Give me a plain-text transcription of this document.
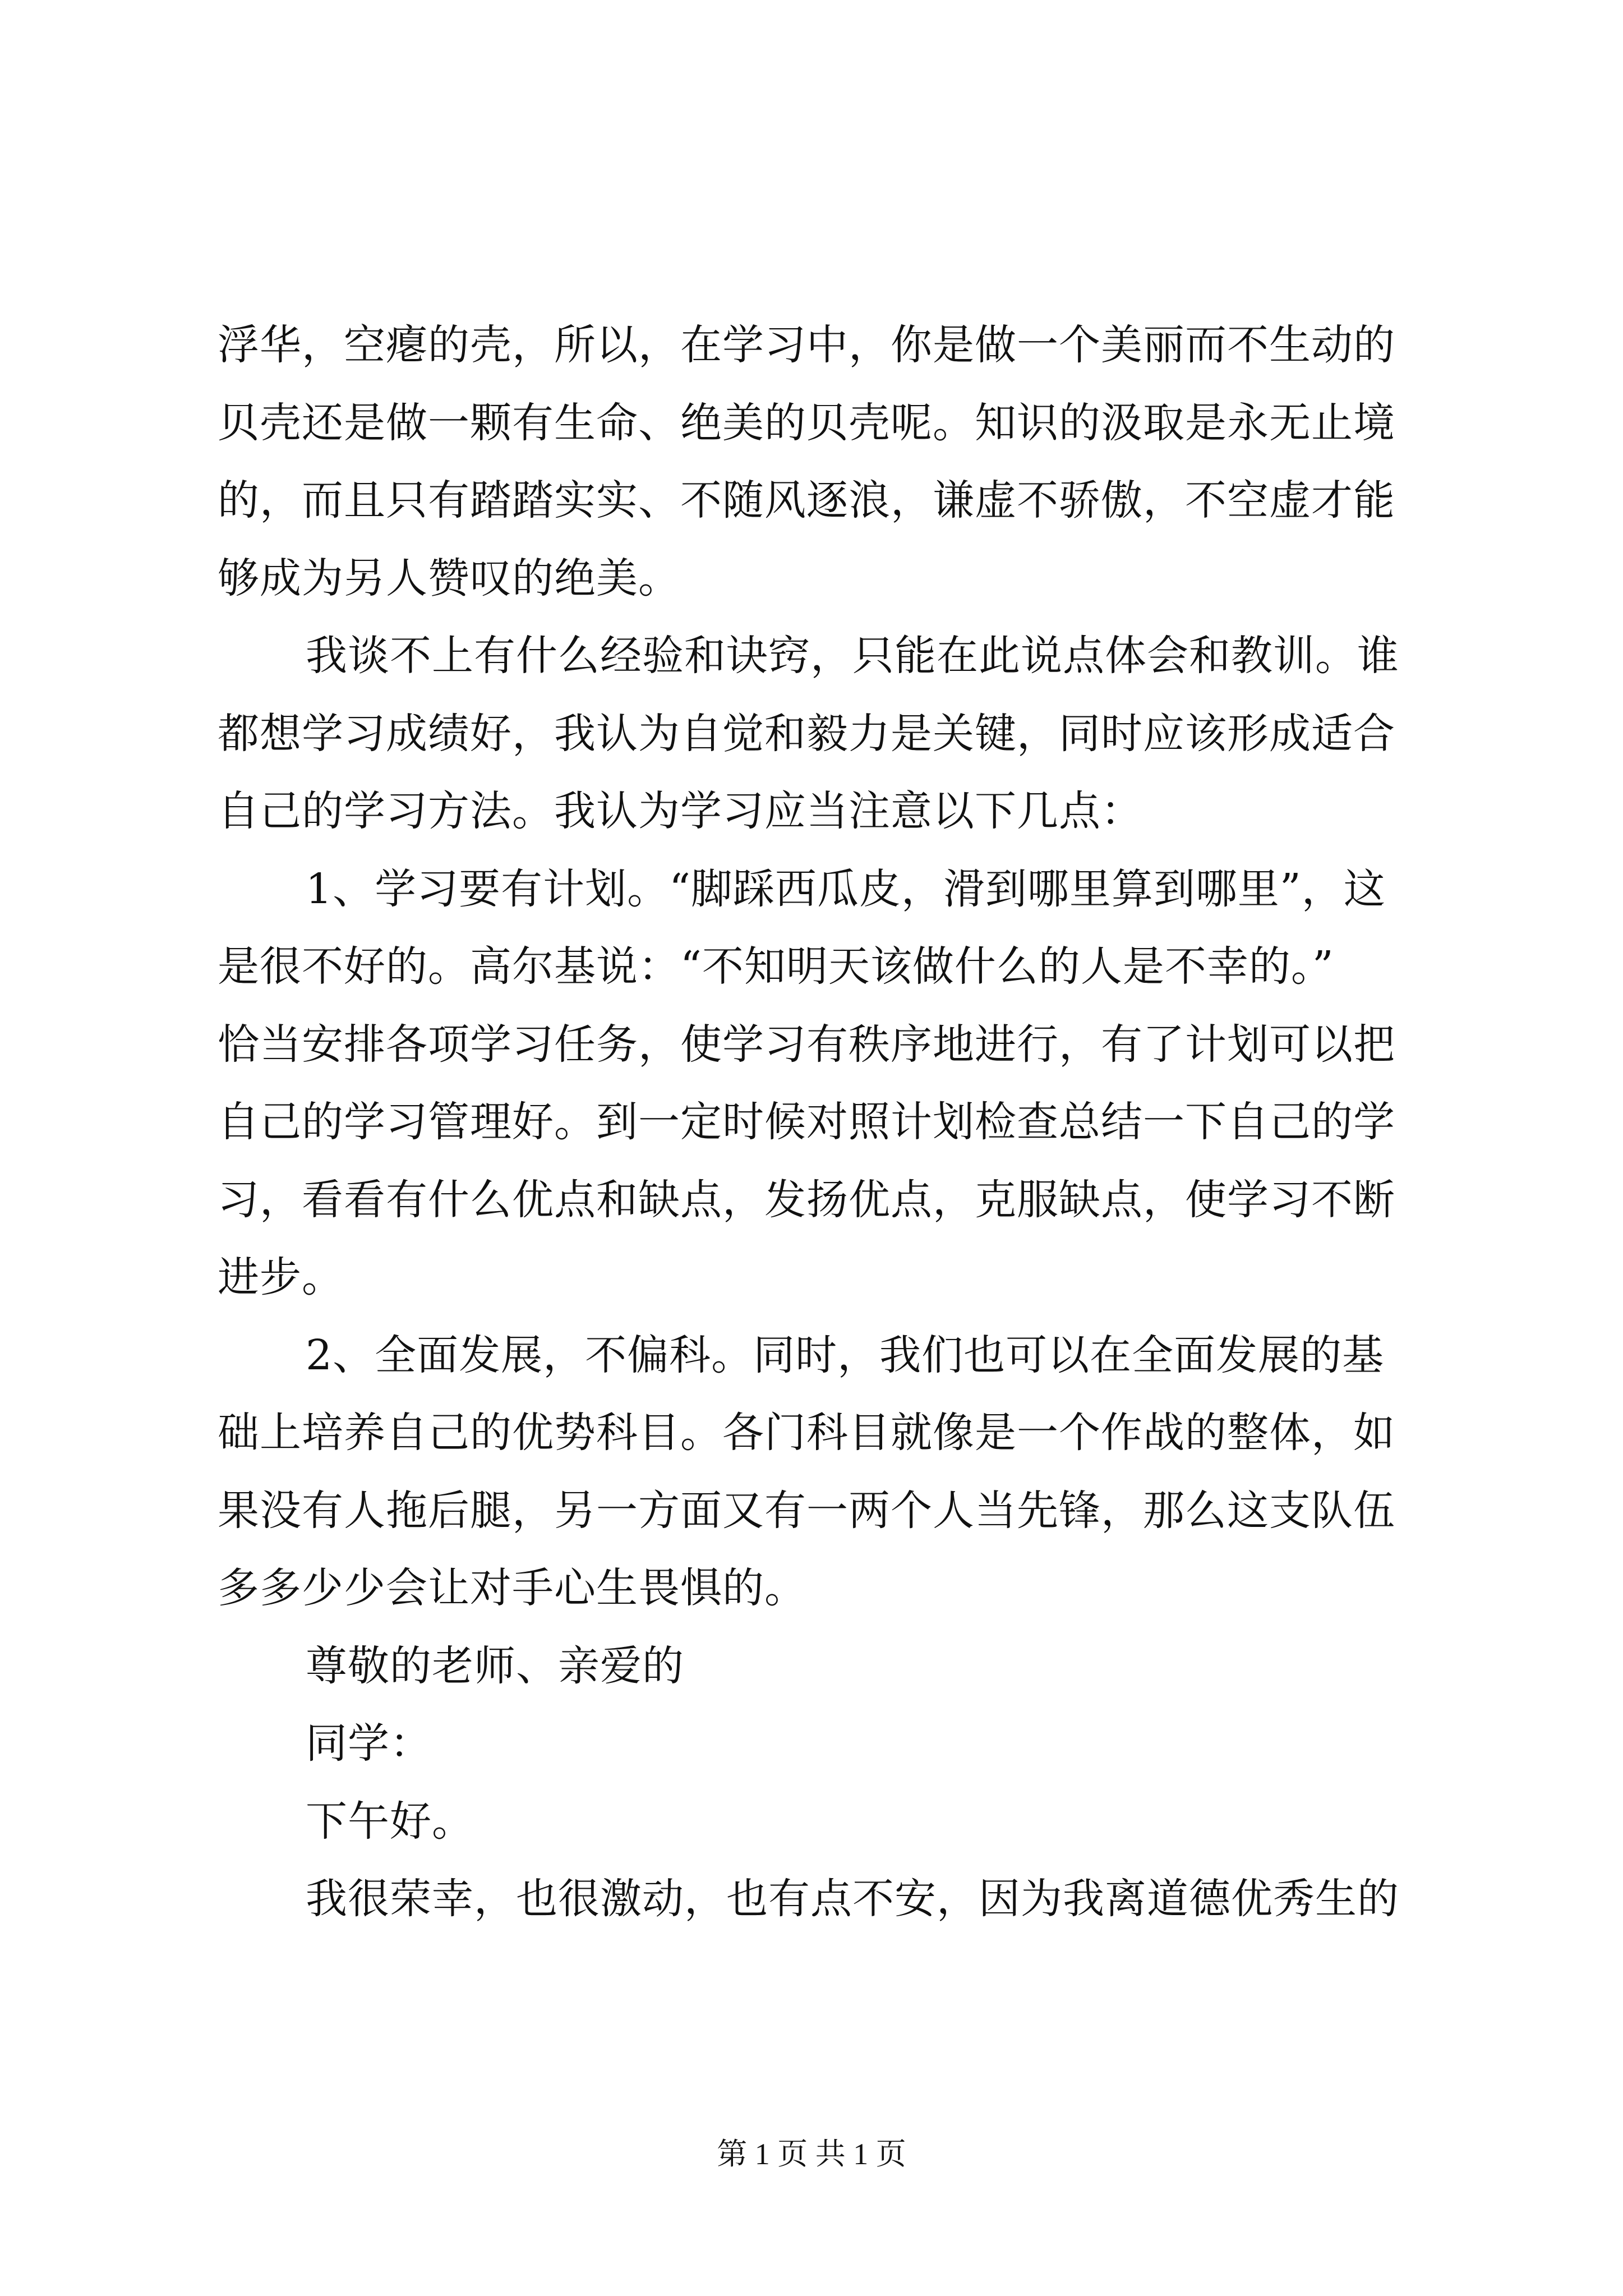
浮华，空瘪的壳，所以，在学习中，你是做一个美丽而不生动的
贝壳还是做一颗有生命、绝美的贝壳呢。知识的汲取是永无止境
的，而且只有踏踏实实、不随风逐浪，谦虚不骄傲，不空虚才能
够成为另人赞叹的绝美。
我谈不上有什么经验和诀窍，只能在此说点体会和教训。谁
都想学习成绩好，我认为自觉和毅力是关键，同时应该形成适合
自己的学习方法。我认为学习应当注意以下几点：
1、学习要有计划。“脚踩西瓜皮，滑到哪里算到哪里”，这
是很不好的。高尔基说：“不知明天该做什么的人是不幸的。”
恰当安排各项学习任务，使学习有秩序地进行，有了计划可以把
自己的学习管理好。到一定时候对照计划检查总结一下自己的学
习，看看有什么优点和缺点，发扬优点，克服缺点，使学习不断
进步。
2、全面发展，不偏科。同时，我们也可以在全面发展的基
础上培养自己的优势科目。各门科目就像是一个作战的整体，如
果没有人拖后腿，另一方面又有一两个人当先锋，那么这支队伍
多多少少会让对手心生畏惧的。
尊敬的老师、亲爱的
同学：
下午好。
我很荣幸，也很激动，也有点不安，因为我离道德优秀生的
第 1 页 共 1 页
